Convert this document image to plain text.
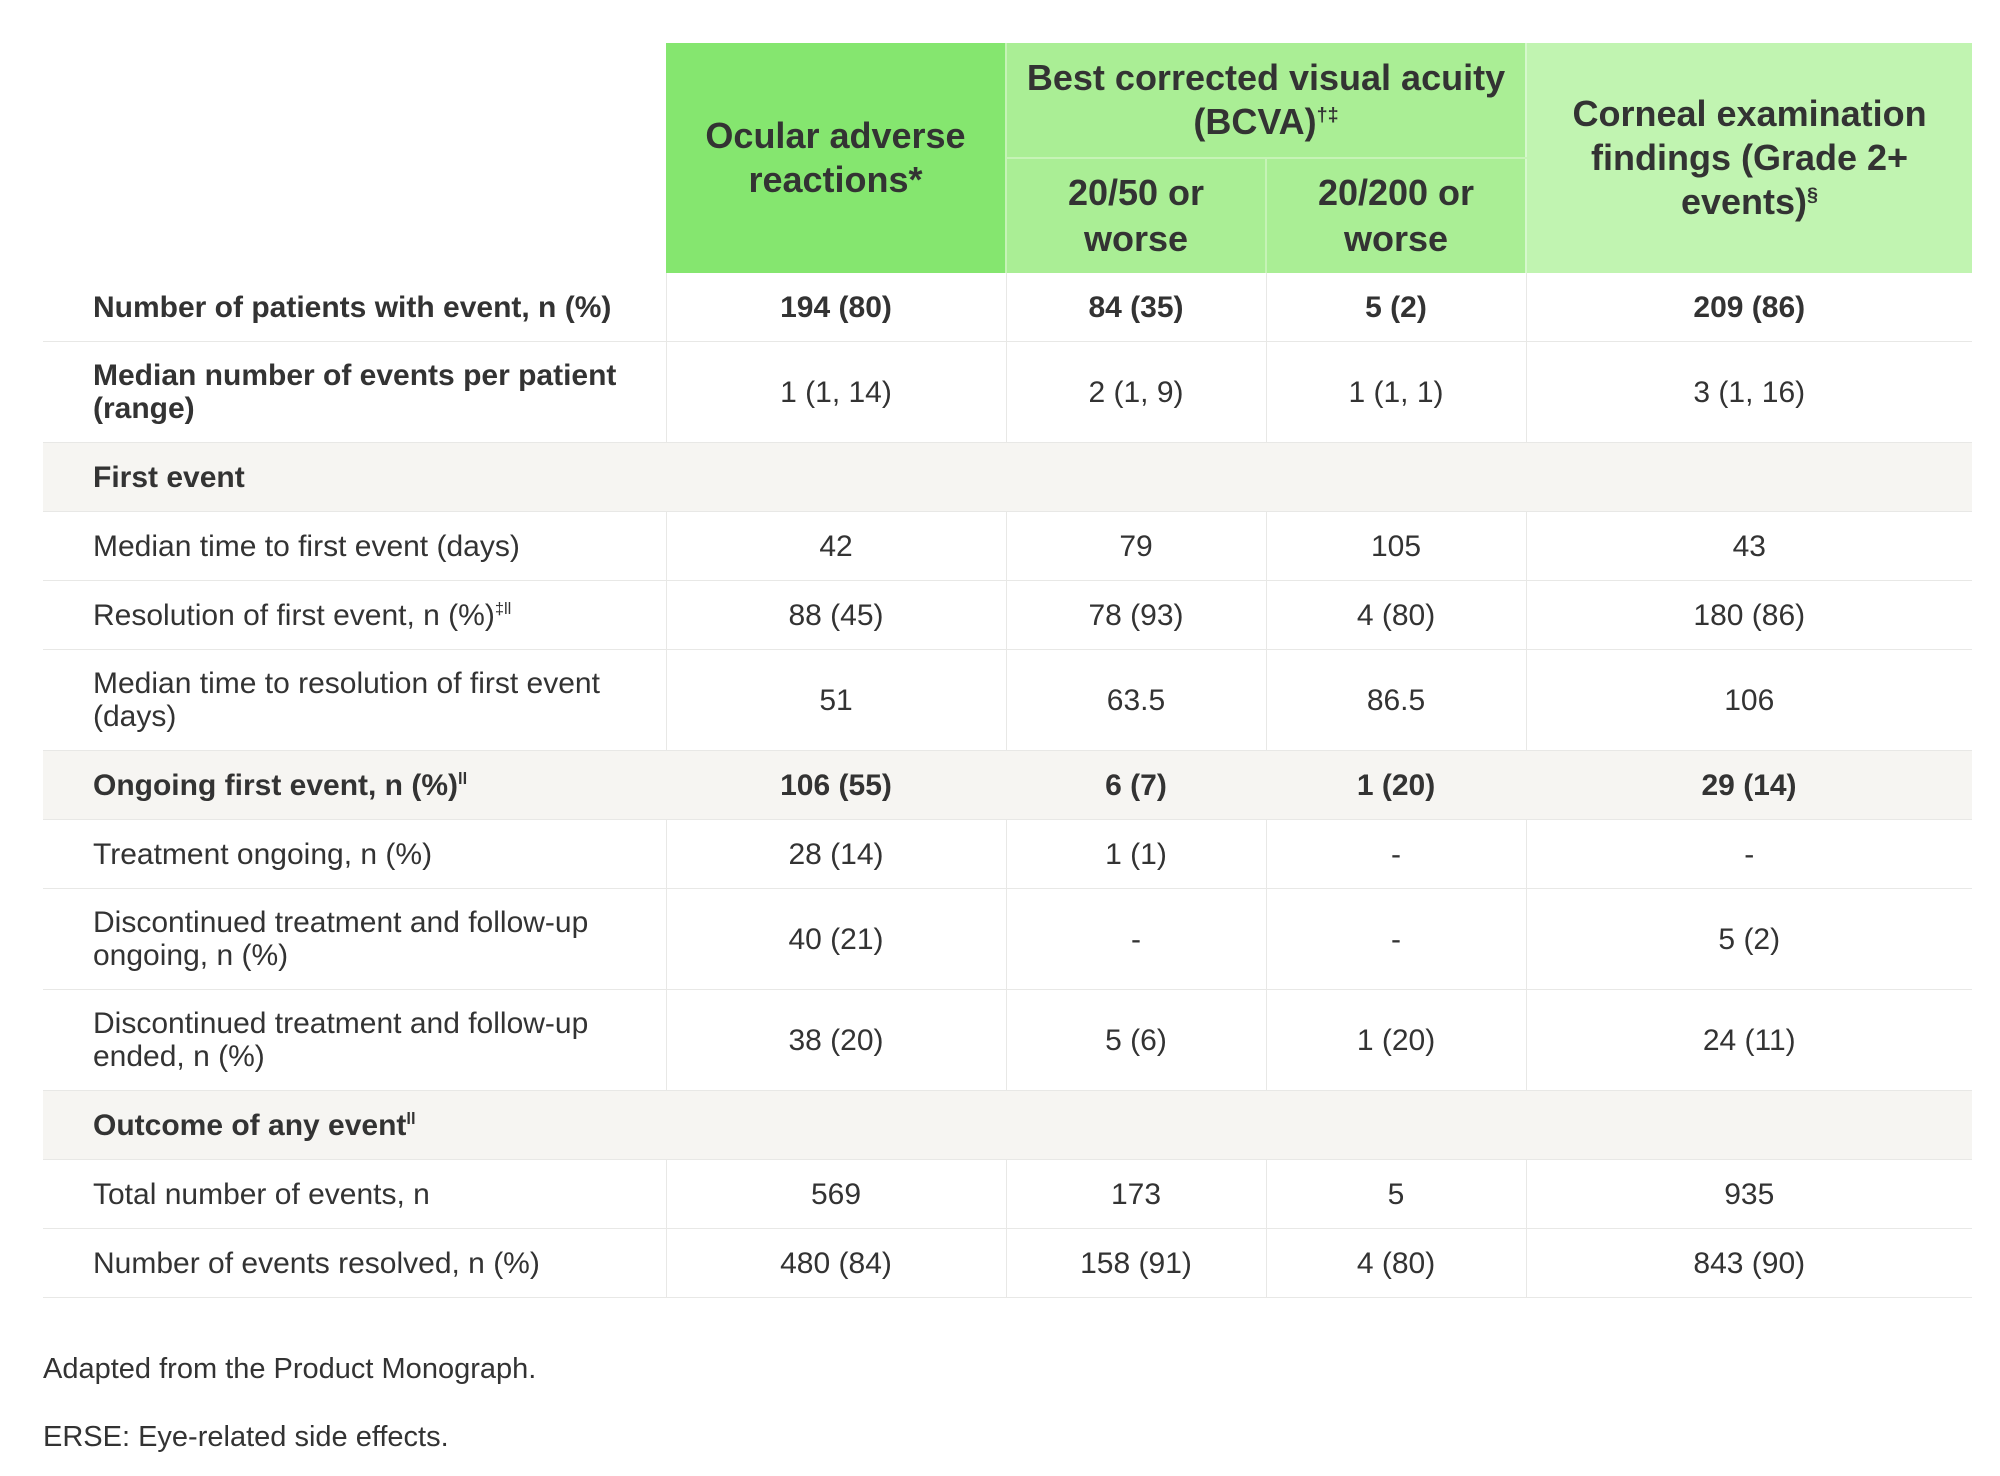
	Ocular adverse reactions*	Best corrected visual acuity (BCVA)†‡		Corneal examination findings (Grade 2+ events)§
		20/50 or worse	20/200 or worse	
Number of patients with event, n (%)	194 (80)	84 (35)	5 (2)	209 (86)
Median number of events per patient (range)	1 (1, 14)	2 (1, 9)	1 (1, 1)	3 (1, 16)
First event				
Median time to first event (days)	42	79	105	43
Resolution of first event, n (%)$^{\ddagger ll}$	88 (45)	78 (93)	4 (80)	180 (86)
Median time to resolution of first event (days)	51	63.5	86.5	106
Ongoing first event, n (%)$^{ll}$	106 (55)	6 (7)	1 (20)	29 (14)
Treatment ongoing, n (%)	28 (14)	1 (1)	-	-
Discontinued treatment and follow-up ongoing, n (%)	40 (21)	-	-	5 (2)
Discontinued treatment and follow-up ended, n (%)	38 (20)	5 (6)	1 (20)	24 (11)
Outcome of any event$^{ll}$
Total number of events, n	569	173	5	935
Number of events resolved, n (%)	480 (84)	158 (91)	4 (80)	843 (90)
Adapted from the Product Monograph.
ERSE: Eye-related side effects.
